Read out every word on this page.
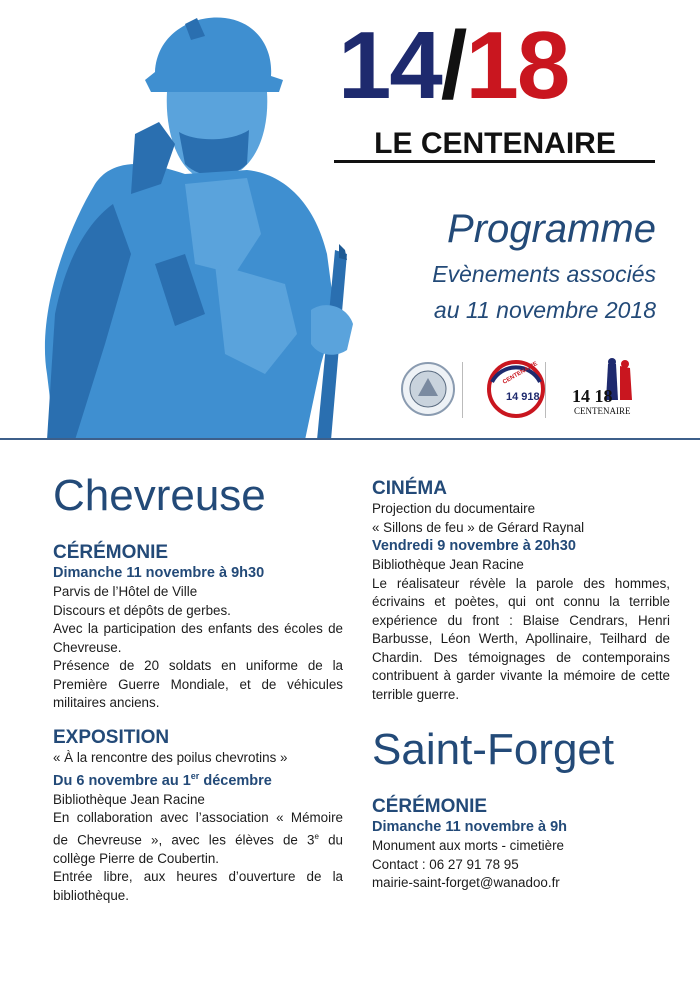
14/18
LE CENTENAIRE
Programme
Evènements associés
au 11 novembre 2018
CENTENAIRE
14 918 14 18
CENTENAIRE
Chevreuse
CÉRÉMONIE

Dimanche 11 novembre à 9h30

Parvis de l’Hôtel de Ville

Discours et dépôts de gerbes.

Avec la participation des enfants des écoles de Chevreuse.

Présence de 20 soldats en uniforme de la Première Guerre Mondiale, et de véhicules militaires anciens.

EXPOSITION

« À la rencontre des poilus chevrotins »

Du 6 novembre au 1er décembre

Bibliothèque Jean Racine

En collaboration avec l’association « Mémoire de Chevreuse », avec les élèves de 3e du collège Pierre de Coubertin.

Entrée libre, aux heures d’ouverture de la bibliothèque.

CINÉMA

Projection du documentaire

« Sillons de feu » de Gérard Raynal

Vendredi 9 novembre à 20h30

Bibliothèque Jean Racine

Le réalisateur révèle la parole des hommes, écrivains et poètes, qui ont connu la terrible expérience du front : Blaise Cendrars, Henri Barbusse, Léon Werth, Apollinaire, Teilhard de Chardin. Des témoignages de contemporains contribuent à garder vivante la mémoire de cette terrible guerre.

Saint-Forget
CÉRÉMONIE

Dimanche 11 novembre à 9h

Monument aux morts - cimetière

Contact : 06 27 91 78 95

mairie-saint-forget@wanadoo.fr
